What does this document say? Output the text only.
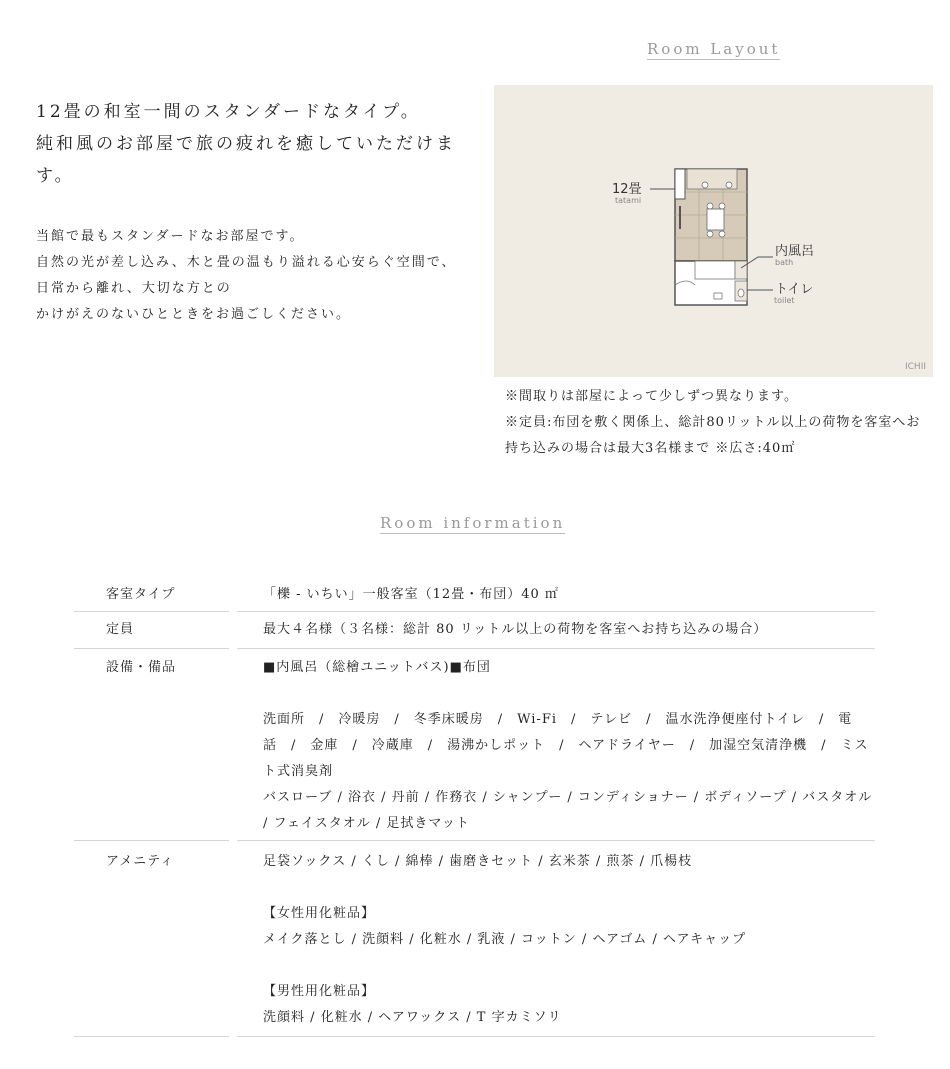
Room Layout
12畳の和室一間のスタンダードなタイプ。
純和風のお部屋で旅の疲れを癒していただけます。
当館で最もスタンダードなお部屋です。
自然の光が差し込み、木と畳の温もり溢れる心安らぐ空間で、
日常から離れ、大切な方との
かけがえのないひとときをお過ごしください。
12畳
tatami
内風呂
bath
トイレ
toilet
ICHII
※間取りは部屋によって少しずつ異なります。
※定員:布団を敷く関係上、総計80リットル以上の荷物を客室へお持ち込みの場合は最大3名様まで ※広さ:40㎡
Room information
客室タイプ	「櫟 - いちい」一般客室（12畳・布団）40 ㎡
定員	最大４名様（３名様：総計 80 リットル以上の荷物を客室へお持ち込みの場合）
設備・備品	■内風呂（総檜ユニットバス)■布団
洗面所　/　冷暖房　/　冬季床暖房　/　Wi-Fi　/　テレビ　/　温水洗浄便座付トイレ　/　電話　/　金庫　/　冷蔵庫　/　湯沸かしポット　/　ヘアドライヤー　/　加湿空気清浄機　/　ミスト式消臭剤
バスローブ / 浴衣 / 丹前 / 作務衣 / シャンプー / コンディショナー / ボディソープ / バスタオル / フェイスタオル / 足拭きマット
アメニティ	足袋ソックス / くし / 綿棒 / 歯磨きセット / 玄米茶 / 煎茶 / 爪楊枝
【女性用化粧品】
メイク落とし / 洗顔料 / 化粧水 / 乳液 / コットン / ヘアゴム / ヘアキャップ
【男性用化粧品】
洗顔料 / 化粧水 / ヘアワックス / T 字カミソリ
